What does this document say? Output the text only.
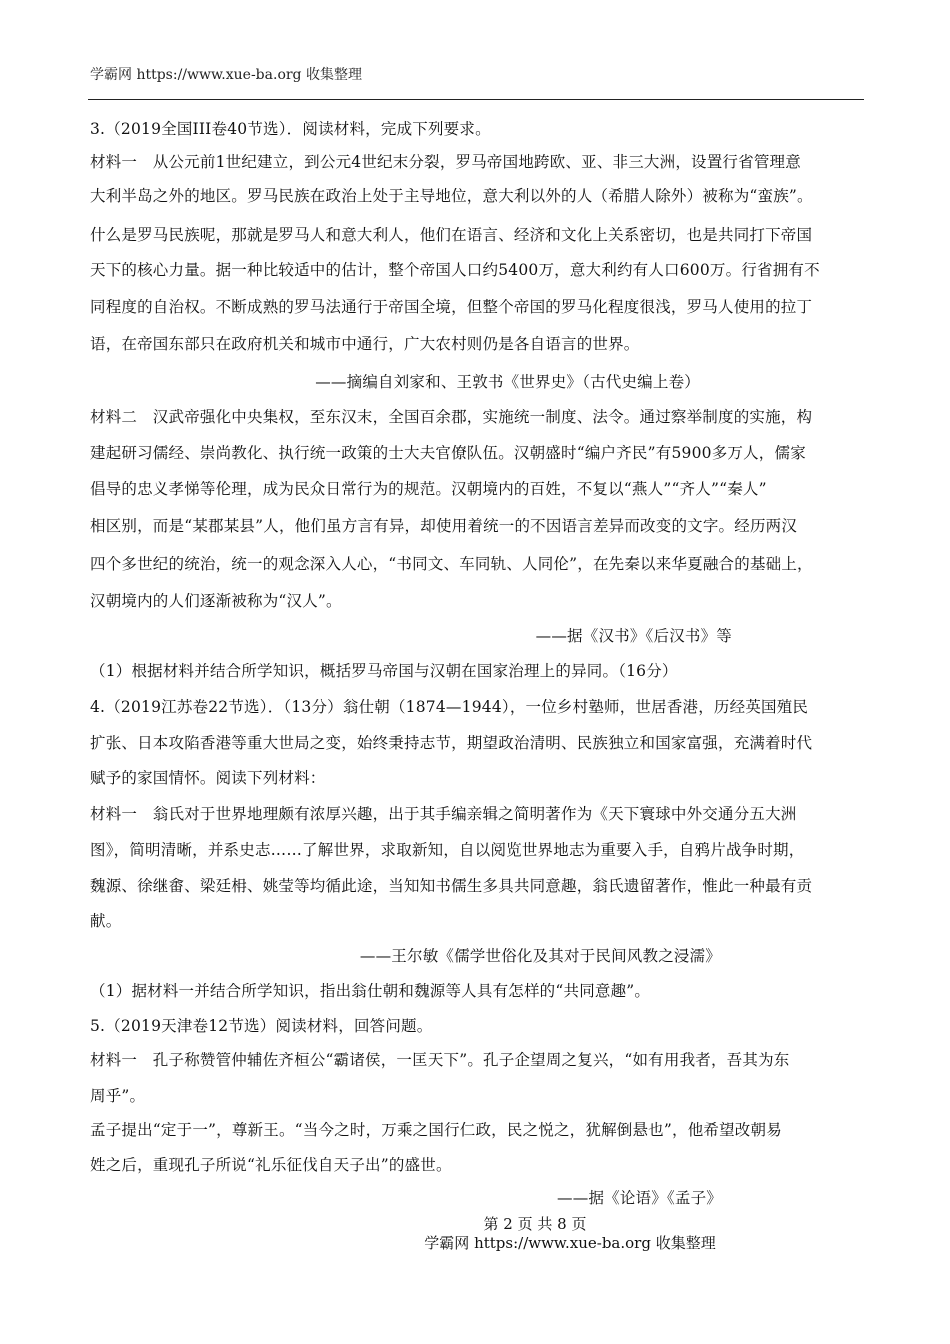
学霸网 https://www.xue-ba.org 收集整理
3.（2019全国III卷40节选）．阅读材料，完成下列要求。
材料一　从公元前1世纪建立，到公元4世纪末分裂，罗马帝国地跨欧、亚、非三大洲，设置行省管理意
大利半岛之外的地区。罗马民族在政治上处于主导地位，意大利以外的人（希腊人除外）被称为“蛮族”。
什么是罗马民族呢，那就是罗马人和意大利人，他们在语言、经济和文化上关系密切，也是共同打下帝国
天下的核心力量。据一种比较适中的估计，整个帝国人口约5400万，意大利约有人口600万。行省拥有不
同程度的自治权。不断成熟的罗马法通行于帝国全境，但整个帝国的罗马化程度很浅，罗马人使用的拉丁
语，在帝国东部只在政府机关和城市中通行，广大农村则仍是各自语言的世界。
——摘编自刘家和、王敦书《世界史》（古代史编上卷）
材料二　汉武帝强化中央集权，至东汉末，全国百余郡，实施统一制度、法令。通过察举制度的实施，构
建起研习儒经、崇尚教化、执行统一政策的士大夫官僚队伍。汉朝盛时“编户齐民”有5900多万人，儒家
倡导的忠义孝悌等伦理，成为民众日常行为的规范。汉朝境内的百姓，不复以“燕人”“齐人”“秦人”
相区别，而是“某郡某县”人，他们虽方言有异，却使用着统一的不因语言差异而改变的文字。经历两汉
四个多世纪的统治，统一的观念深入人心，“书同文、车同轨、人同伦”，在先秦以来华夏融合的基础上，
汉朝境内的人们逐渐被称为“汉人”。
——据《汉书》《后汉书》等
（1）根据材料并结合所学知识，概括罗马帝国与汉朝在国家治理上的异同。（16分）
4.（2019江苏卷22节选）．（13分）翁仕朝（1874—1944），一位乡村塾师，世居香港，历经英国殖民
扩张、日本攻陷香港等重大世局之变，始终秉持志节，期望政治清明、民族独立和国家富强，充满着时代
赋予的家国情怀。阅读下列材料：
材料一　翁氏对于世界地理颇有浓厚兴趣，出于其手编亲辑之简明著作为《天下寰球中外交通分五大洲
图》，简明清晰，并系史志……了解世界，求取新知，自以阅览世界地志为重要入手，自鸦片战争时期，
魏源、徐继畬、梁廷枏、姚莹等均循此途，当知知书儒生多具共同意趣，翁氏遗留著作，惟此一种最有贡
献。
——王尔敏《儒学世俗化及其对于民间风教之浸濡》
（1）据材料一并结合所学知识，指出翁仕朝和魏源等人具有怎样的“共同意趣”。
5.（2019天津卷12节选）阅读材料，回答问题。
材料一　孔子称赞管仲辅佐齐桓公“霸诸侯，一匡天下”。孔子企望周之复兴，“如有用我者，吾其为东
周乎”。
孟子提出“定于一”，尊新王。“当今之时，万乘之国行仁政，民之悦之，犹解倒悬也”，他希望改朝易
姓之后，重现孔子所说“礼乐征伐自天子出”的盛世。
——据《论语》《孟子》
第 2 页 共 8 页
学霸网 https://www.xue-ba.org 收集整理
